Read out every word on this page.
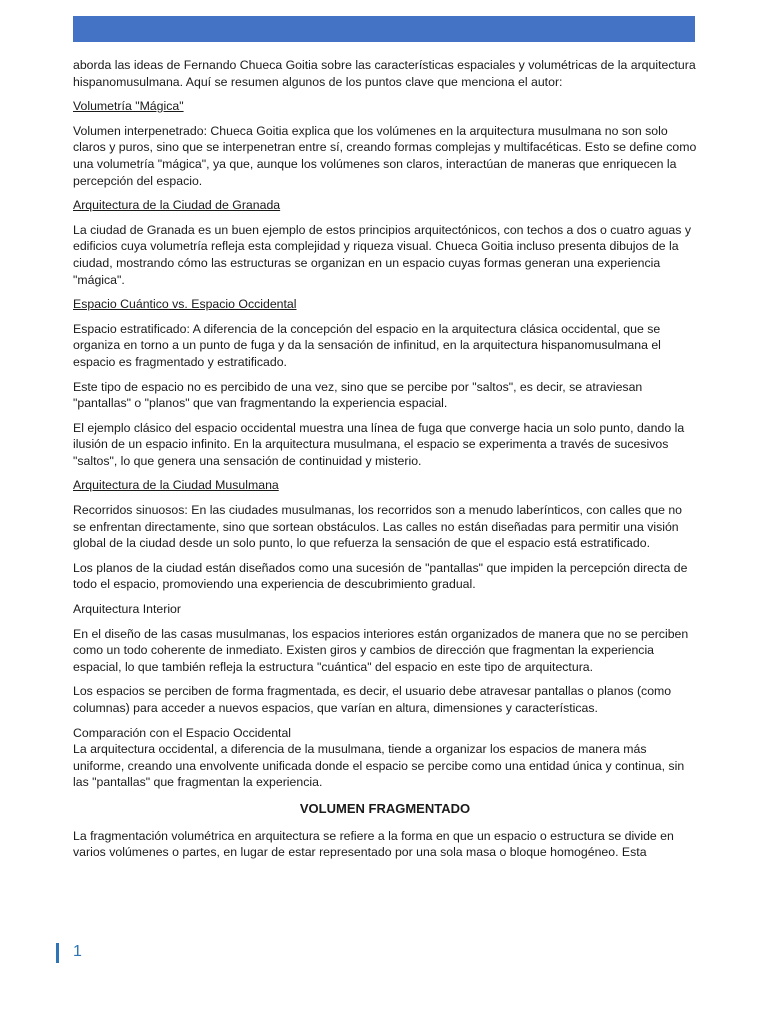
aborda las ideas de Fernando Chueca Goitia sobre las características espaciales y volumétricas de la arquitectura hispanomusulmana. Aquí se resumen algunos de los puntos clave que menciona el autor:

Volumetría "Mágica"

Volumen interpenetrado: Chueca Goitia explica que los volúmenes en la arquitectura musulmana no son solo claros y puros, sino que se interpenetran entre sí, creando formas complejas y multifacéticas. Esto se define como una volumetría "mágica", ya que, aunque los volúmenes son claros, interactúan de maneras que enriquecen la percepción del espacio.

Arquitectura de la Ciudad de Granada

La ciudad de Granada es un buen ejemplo de estos principios arquitectónicos, con techos a dos o cuatro aguas y edificios cuya volumetría refleja esta complejidad y riqueza visual. Chueca Goitia incluso presenta dibujos de la ciudad, mostrando cómo las estructuras se organizan en un espacio cuyas formas generan una experiencia "mágica".

Espacio Cuántico vs. Espacio Occidental

Espacio estratificado: A diferencia de la concepción del espacio en la arquitectura clásica occidental, que se organiza en torno a un punto de fuga y da la sensación de infinitud, en la arquitectura hispanomusulmana el espacio es fragmentado y estratificado.

Este tipo de espacio no es percibido de una vez, sino que se percibe por "saltos", es decir, se atraviesan "pantallas" o "planos" que van fragmentando la experiencia espacial.

El ejemplo clásico del espacio occidental muestra una línea de fuga que converge hacia un solo punto, dando la ilusión de un espacio infinito. En la arquitectura musulmana, el espacio se experimenta a través de sucesivos "saltos", lo que genera una sensación de continuidad y misterio.

Arquitectura de la Ciudad Musulmana

Recorridos sinuosos: En las ciudades musulmanas, los recorridos son a menudo laberínticos, con calles que no se enfrentan directamente, sino que sortean obstáculos. Las calles no están diseñadas para permitir una visión global de la ciudad desde un solo punto, lo que refuerza la sensación de que el espacio está estratificado.

Los planos de la ciudad están diseñados como una sucesión de "pantallas" que impiden la percepción directa de todo el espacio, promoviendo una experiencia de descubrimiento gradual.

Arquitectura Interior

En el diseño de las casas musulmanas, los espacios interiores están organizados de manera que no se perciben como un todo coherente de inmediato. Existen giros y cambios de dirección que fragmentan la experiencia espacial, lo que también refleja la estructura "cuántica" del espacio en este tipo de arquitectura.

Los espacios se perciben de forma fragmentada, es decir, el usuario debe atravesar pantallas o planos (como columnas) para acceder a nuevos espacios, que varían en altura, dimensiones y características.

Comparación con el Espacio Occidental

La arquitectura occidental, a diferencia de la musulmana, tiende a organizar los espacios de manera más uniforme, creando una envolvente unificada donde el espacio se percibe como una entidad única y continua, sin las "pantallas" que fragmentan la experiencia.

VOLUMEN FRAGMENTADO

La fragmentación volumétrica en arquitectura se refiere a la forma en que un espacio o estructura se divide en varios volúmenes o partes, en lugar de estar representado por una sola masa o bloque homogéneo. Esta

1
